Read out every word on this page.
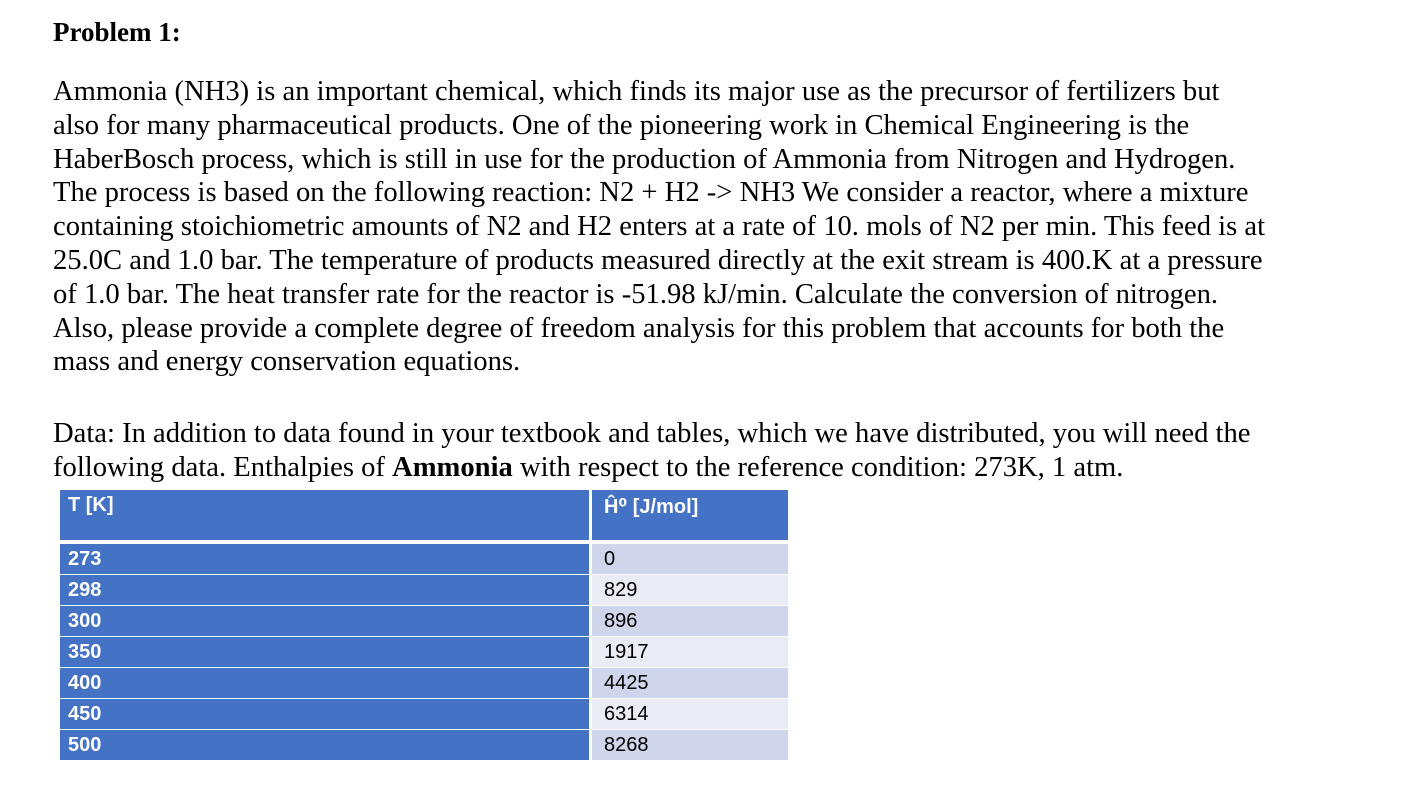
Problem 1:
Ammonia (NH3) is an important chemical, which finds its major use as the precursor of fertilizers but
also for many pharmaceutical products. One of the pioneering work in Chemical Engineering is the
HaberBosch process, which is still in use for the production of Ammonia from Nitrogen and Hydrogen.
The process is based on the following reaction: N2 + H2 -> NH3 We consider a reactor, where a mixture
containing stoichiometric amounts of N2 and H2 enters at a rate of 10. mols of N2 per min. This feed is at
25.0C and 1.0 bar. The temperature of products measured directly at the exit stream is 400.K at a pressure
of 1.0 bar. The heat transfer rate for the reactor is -51.98 kJ/min. Calculate the conversion of nitrogen.
Also, please provide a complete degree of freedom analysis for this problem that accounts for both the
mass and energy conservation equations.
Data: In addition to data found in your textbook and tables, which we have distributed, you will need the
following data. Enthalpies of Ammonia with respect to the reference condition: 273K, 1 atm.
T [K]	Ĥ⁰ [J/mol]
273	0
298	829
300	896
350	1917
400	4425
450	6314
500	8268
